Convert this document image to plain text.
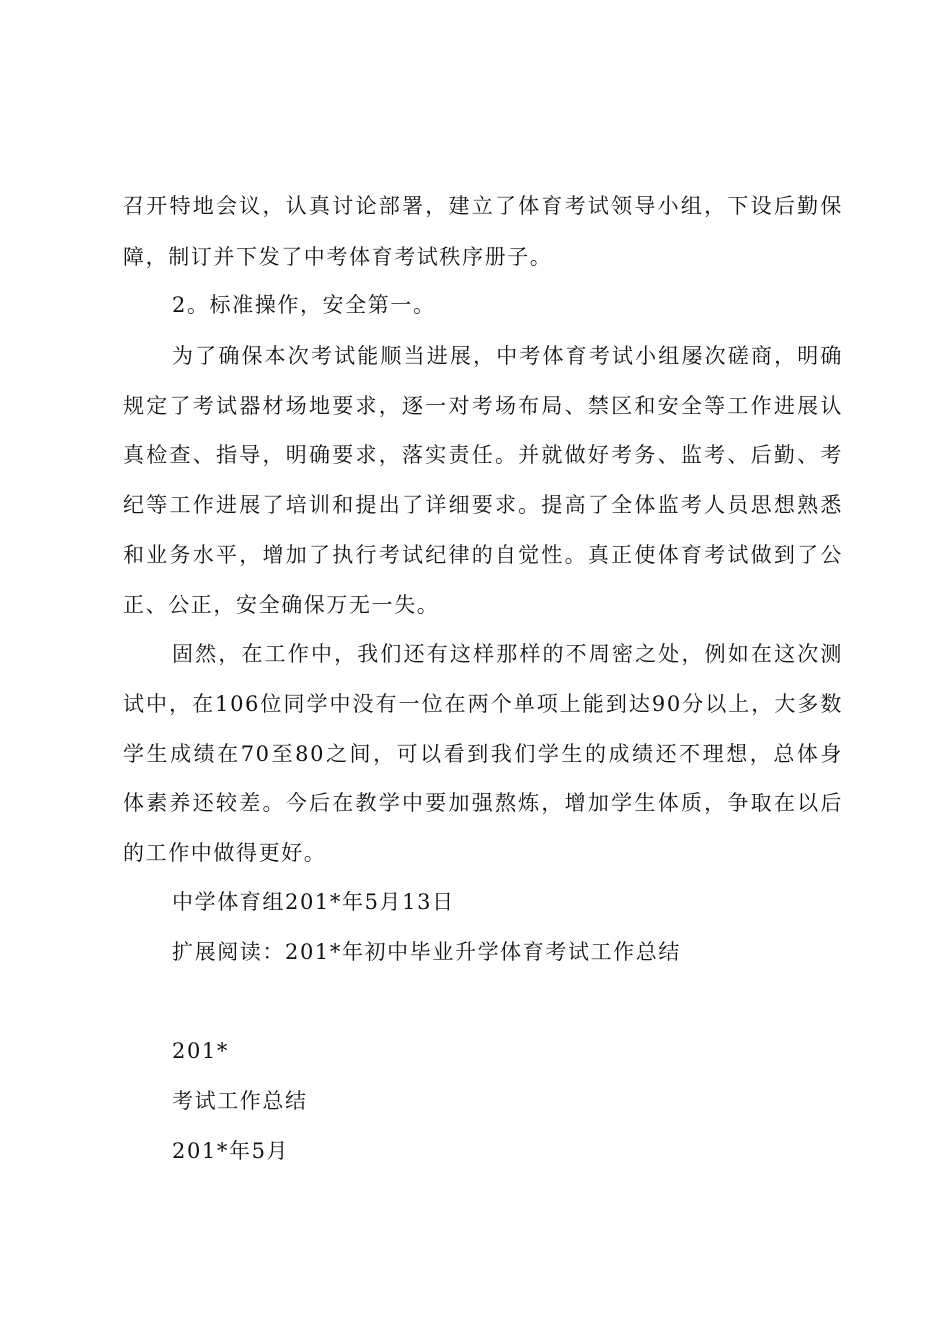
召开特地会议，认真讨论部署，建立了体育考试领导小组，下设后勤保
障，制订并下发了中考体育考试秩序册子。
2。标准操作，安全第一。
为了确保本次考试能顺当进展，中考体育考试小组屡次磋商，明确
规定了考试器材场地要求，逐一对考场布局、禁区和安全等工作进展认
真检查、指导，明确要求，落实责任。并就做好考务、监考、后勤、考
纪等工作进展了培训和提出了详细要求。提高了全体监考人员思想熟悉
和业务水平，增加了执行考试纪律的自觉性。真正使体育考试做到了公
正、公正，安全确保万无一失。
固然，在工作中，我们还有这样那样的不周密之处，例如在这次测
试中，在106位同学中没有一位在两个单项上能到达90分以上，大多数
学生成绩在70至80之间，可以看到我们学生的成绩还不理想，总体身
体素养还较差。今后在教学中要加强熬炼，增加学生体质，争取在以后
的工作中做得更好。
中学体育组201*年5月13日
扩展阅读：201*年初中毕业升学体育考试工作总结
201*
考试工作总结
201*年5月
